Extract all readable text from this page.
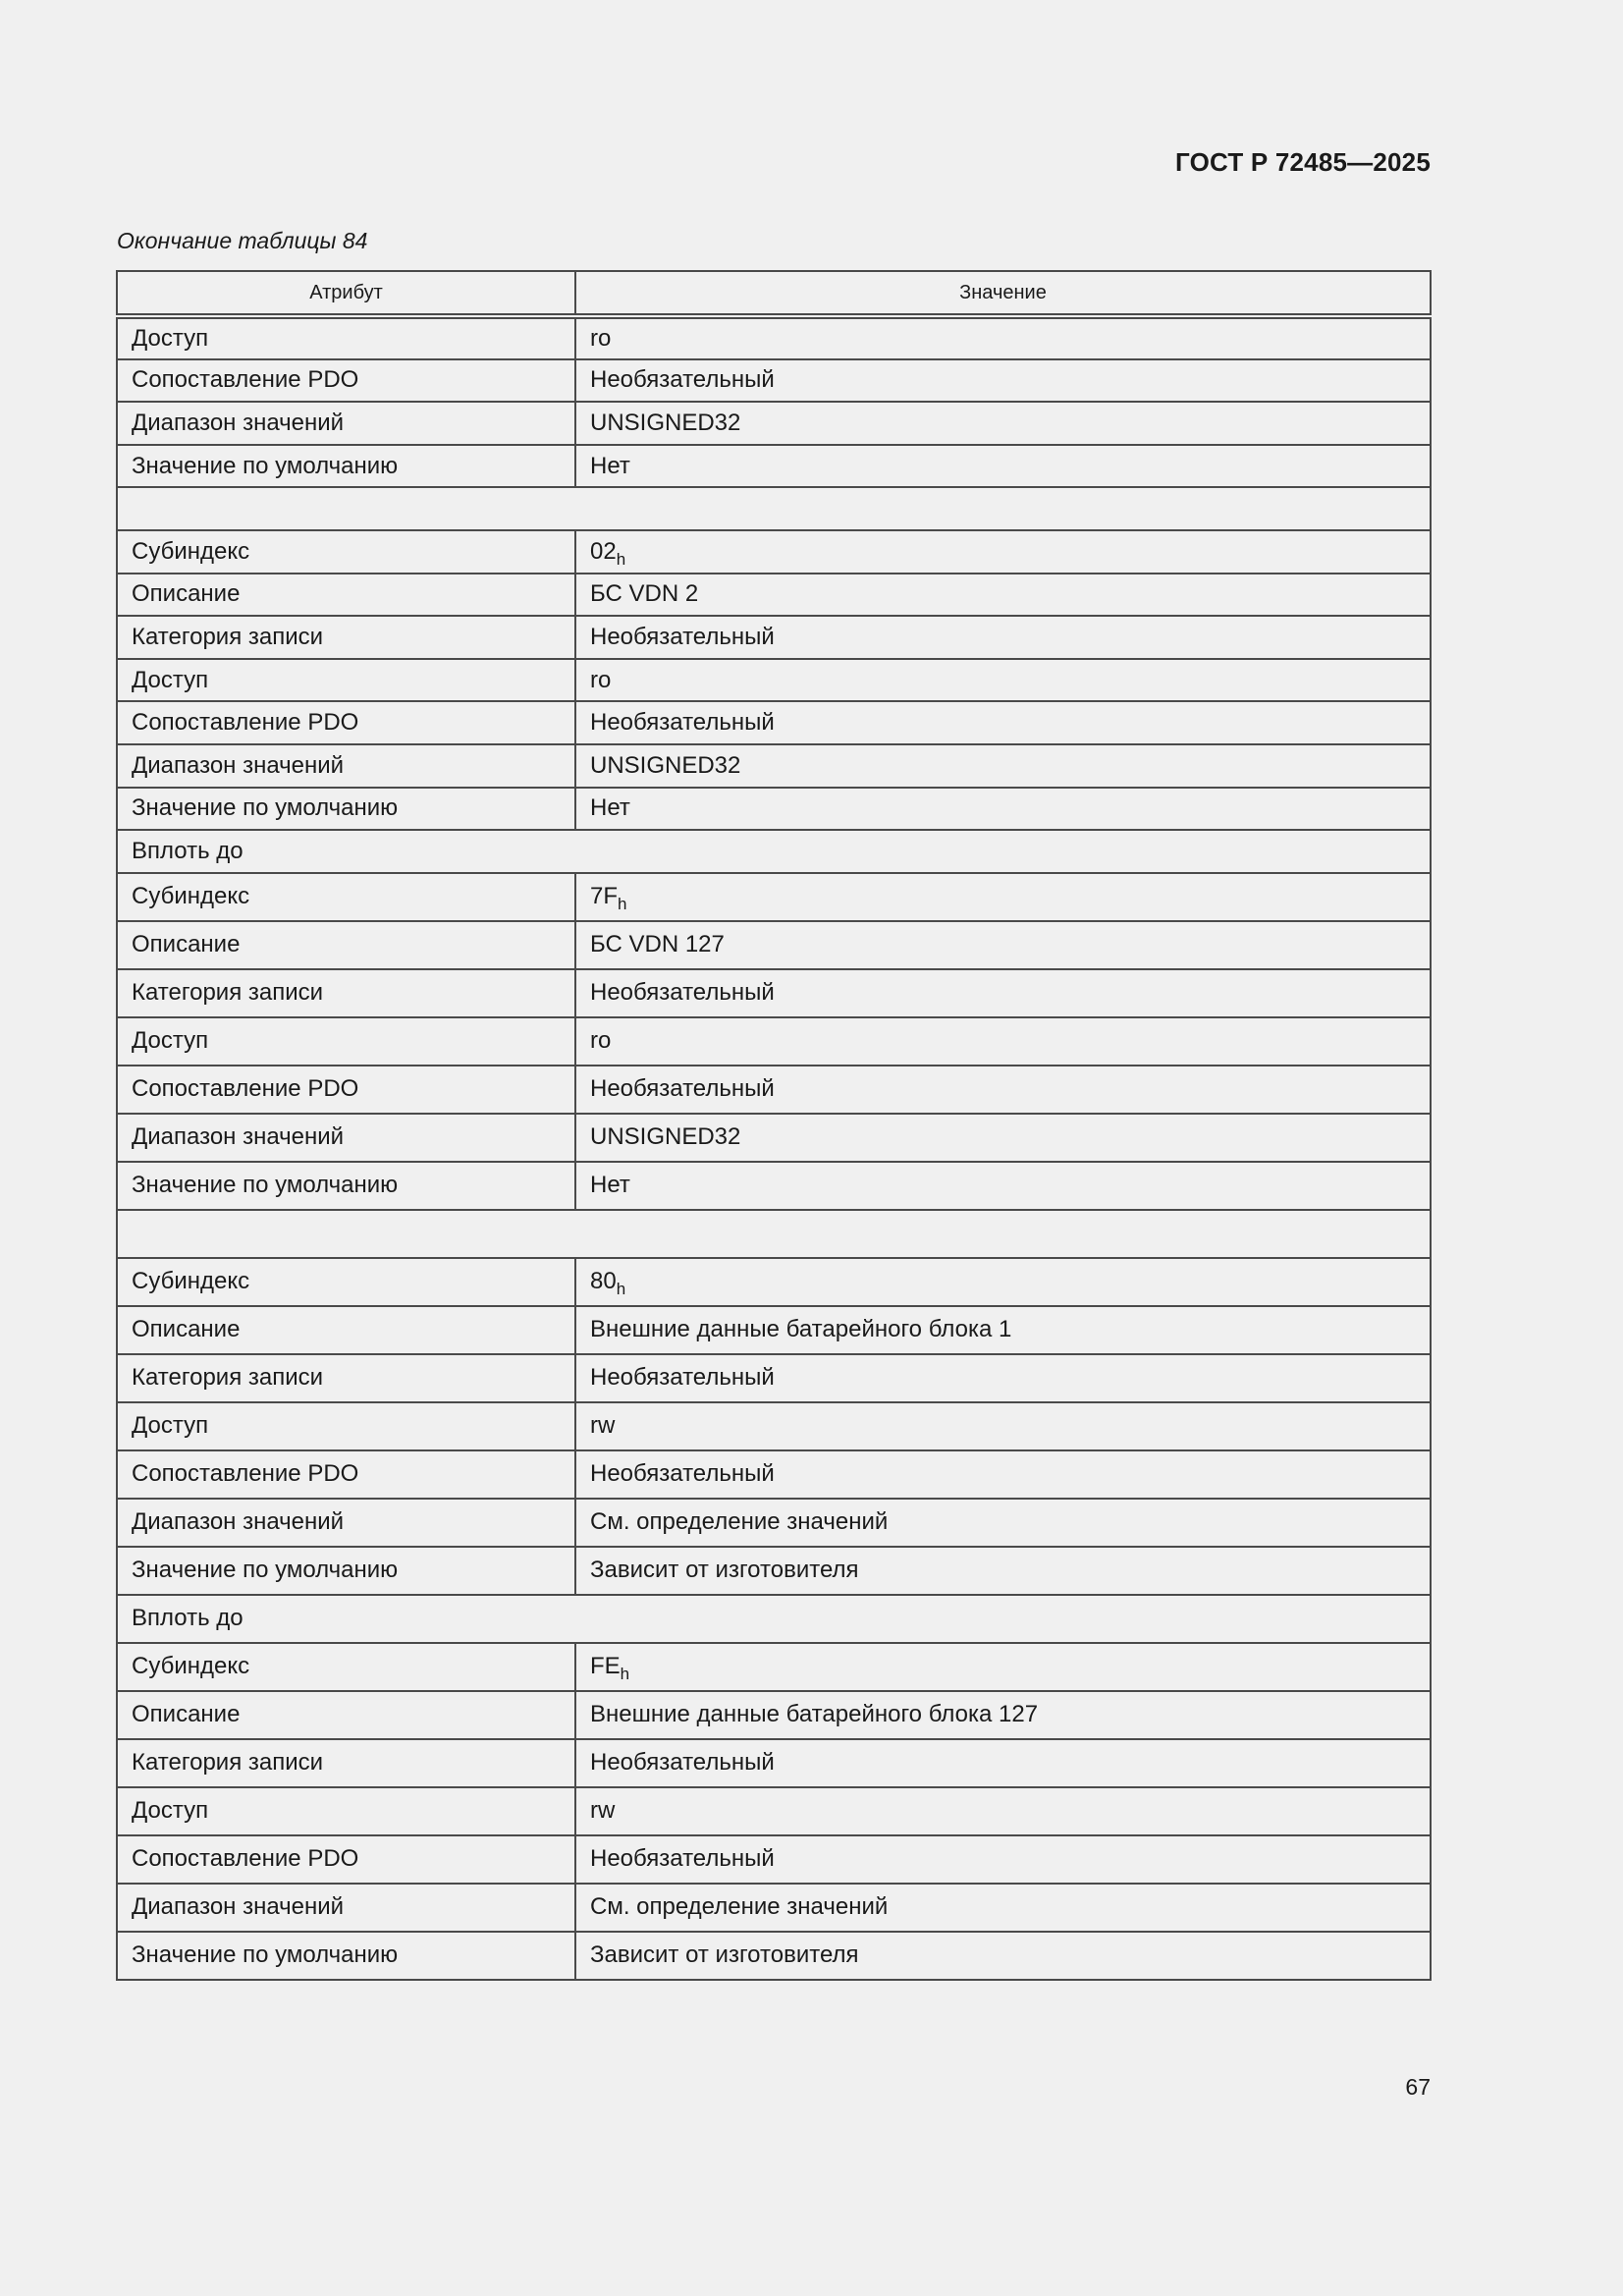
ГОСТ Р 72485—2025
Окончание таблицы 84
Атрибут	Значение
Доступ	ro
Сопоставление PDO	Необязательный
Диапазон значений	UNSIGNED32
Значение по умолчанию	Нет

Субиндекс	$02_h$
Описание	БС VDN 2
Категория записи	Необязательный
Доступ	ro
Сопоставление PDO	Необязательный
Диапазон значений	UNSIGNED32
Значение по умолчанию	Нет
Вплоть до	
Субиндекс	$7F_h$
Описание	БС VDN 127
Категория записи	Необязательный
Доступ	ro
Сопоставление PDO	Необязательный
Диапазон значений	UNSIGNED32
Значение по умолчанию	Нет

Субиндекс	$80_h$
Описание	Внешние данные батарейного блока 1
Категория записи	Необязательный
Доступ	rw
Сопоставление PDO	Необязательный
Диапазон значений	См. определение значений
Значение по умолчанию	Зависит от изготовителя
Вплоть до	
Субиндекс	$FE_h$
Описание	Внешние данные батарейного блока 127
Категория записи	Необязательный
Доступ	rw
Сопоставление PDO	Необязательный
Диапазон значений	См. определение значений
Значение по умолчанию	Зависит от изготовителя
67
